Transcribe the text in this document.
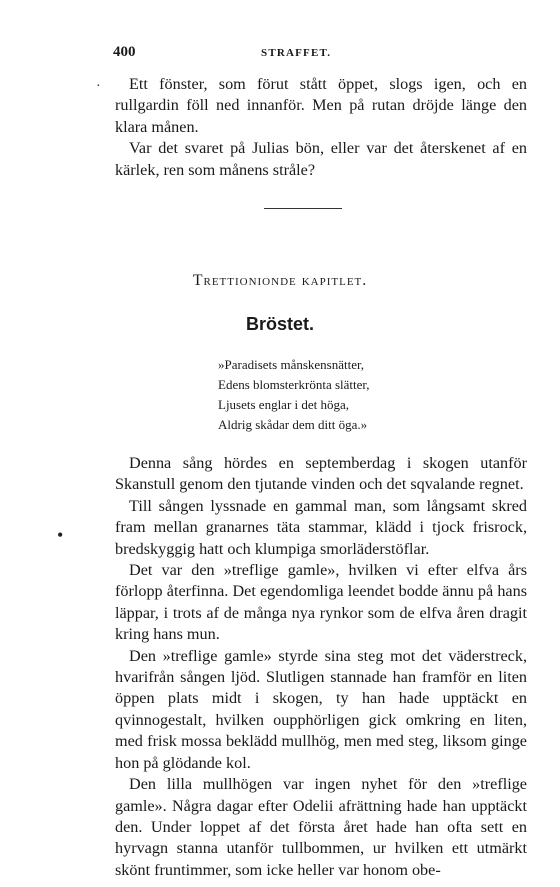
400	STRAFFET.
·	Ett fönster, som förut stått öppet, slogs igen, och en rullgardin föll ned innanför. Men på rutan dröjde länge den klara månen.

Var det svaret på Julias bön, eller var det återskenet af en kärlek, ren som månens stråle?

Trettionionde kapitlet.
Bröstet.
»Paradisets månskensnätter,
Edens blomsterkrönta slätter,
Ljusets englar i det höga,
Aldrig skådar dem ditt öga.»
•

Denna sång hördes en septemberdag i skogen utanför Skanstull genom den tjutande vinden och det sqvalande regnet.

Till sången lyssnade en gammal man, som långsamt skred fram mellan granarnes täta stammar, klädd i tjock frisrock, bredskyggig hatt och klumpiga smorläderstöflar.

Det var den »treflige gamle», hvilken vi efter elfva års förlopp återfinna. Det egendomliga leendet bodde ännu på hans läppar, i trots af de många nya rynkor som de elfva åren dragit kring hans mun.

Den »treflige gamle» styrde sina steg mot det väderstreck, hvarifrån sången ljöd. Slutligen stannade han framför en liten öppen plats midt i skogen, ty han hade upptäckt en qvinnogestalt, hvilken oupphörligen gick omkring en liten, med frisk mossa beklädd mullhög, men med steg, liksom ginge hon på glödande kol.

Den lilla mullhögen var ingen nyhet för den »treflige gamle». Några dagar efter Odelii afrättning hade han upptäckt den. Under loppet af det första året hade han ofta sett en hyrvagn stanna utanför tullbommen, ur hvilken ett utmärkt skönt fruntimmer, som icke heller var honom obe-
